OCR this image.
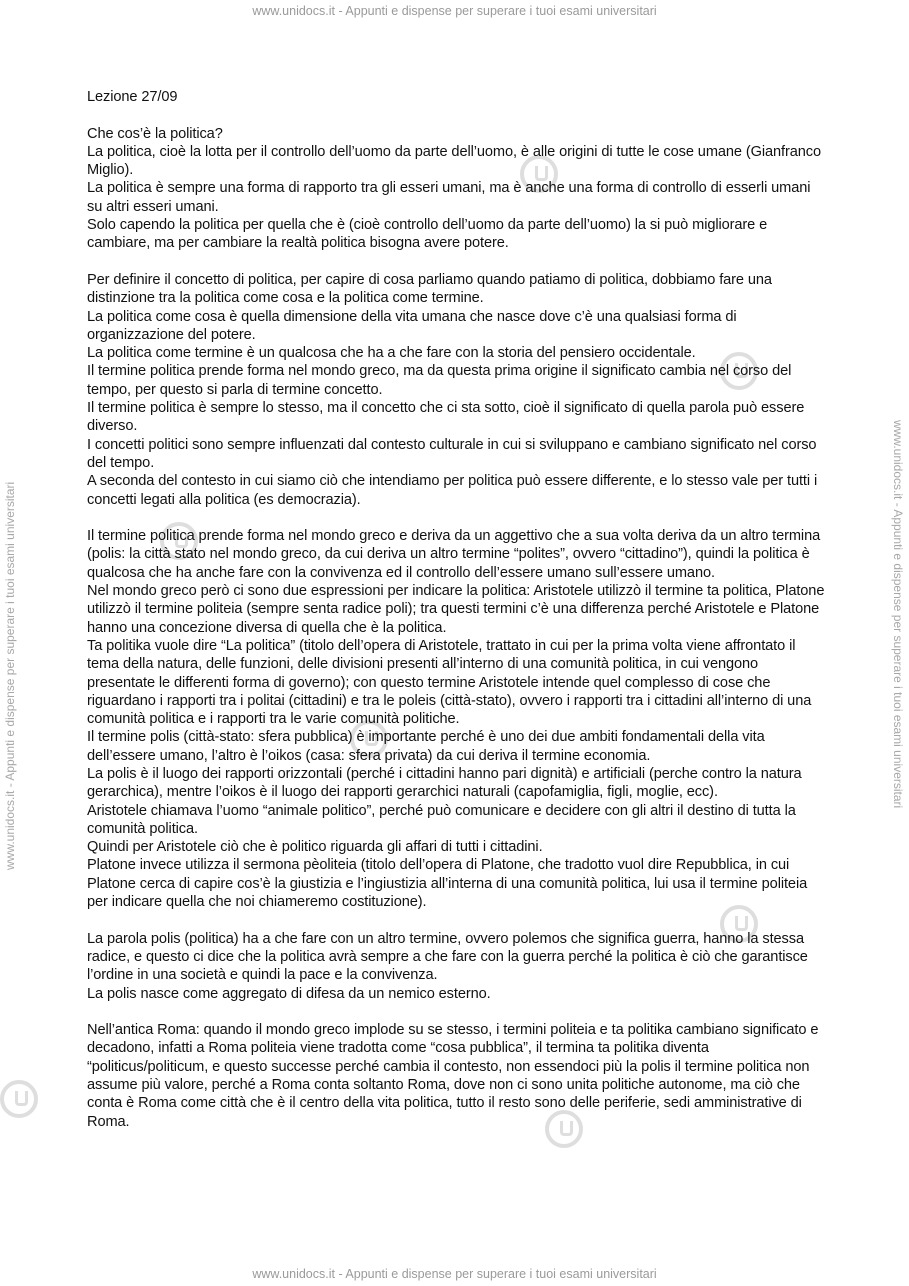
www.unidocs.it - Appunti e dispense per superare i tuoi esami universitari
www.unidocs.it - Appunti e dispense per superare i tuoi esami universitari	www.unidocs.it - Appunti e dispense per superare i tuoi esami universitari

Lezione 27/09

Che cos’è la politica?

La politica, cioè la lotta per il controllo dell’uomo da parte dell’uomo, è alle origini di tutte le cose umane (Gianfranco Miglio).

La politica è sempre una forma di rapporto tra gli esseri umani, ma è anche una forma di controllo di esserli umani su altri esseri umani.

Solo capendo la politica per quella che è (cioè controllo dell’uomo da parte dell’uomo) la si può migliorare e cambiare, ma per cambiare la realtà politica bisogna avere potere.

Per definire il concetto di politica, per capire di cosa parliamo quando patiamo di politica, dobbiamo fare una distinzione tra la politica come cosa e la politica come termine.

La politica come cosa è quella dimensione della vita umana che nasce dove c’è una qualsiasi forma di organizzazione del potere.

La politica come termine è un qualcosa che ha a che fare con la storia del pensiero occidentale.

Il termine politica prende forma nel mondo greco, ma da questa prima origine il significato cambia nel corso del tempo, per questo si parla di termine concetto.

Il termine politica è sempre lo stesso, ma il concetto che ci sta sotto, cioè il significato di quella parola può essere diverso.

I concetti politici sono sempre influenzati dal contesto culturale in cui si sviluppano e cambiano significato nel corso del tempo.

A seconda del contesto in cui siamo ciò che intendiamo per politica può essere differente, e lo stesso vale per tutti i concetti legati alla politica (es democrazia).

Il termine politica prende forma nel mondo greco e deriva da un aggettivo che a sua volta deriva da un altro termina (polis: la città stato nel mondo greco, da cui deriva un altro termine “polites”, ovvero “cittadino”), quindi la politica è qualcosa che ha anche fare con la convivenza ed il controllo dell’essere umano sull’essere umano.

Nel mondo greco però ci sono due espressioni per indicare la politica: Aristotele utilizzò il termine ta politica, Platone utilizzò il termine politeia (sempre senta radice poli); tra questi termini c’è una differenza perché Aristotele e Platone hanno una concezione diversa di quella che è la politica.

Ta politika vuole dire “La politica” (titolo dell’opera di Aristotele, trattato in cui per la prima volta viene affrontato il tema della natura, delle funzioni, delle divisioni presenti all’interno di una comunità politica, in cui vengono presentate le differenti forma di governo); con questo termine Aristotele intende quel complesso di cose che riguardano i rapporti tra i politai (cittadini) e tra le poleis (città-stato), ovvero i rapporti tra i cittadini all’interno di una comunità politica e i rapporti tra le varie comunità politiche.

Il termine polis (città-stato: sfera pubblica) è importante perché è uno dei due ambiti fondamentali della vita dell’essere umano, l’altro è l’oikos (casa: sfera privata) da cui deriva il termine economia.

La polis è il luogo dei rapporti orizzontali (perché i cittadini hanno pari dignità) e artificiali (perche contro la natura gerarchica), mentre l’oikos è il luogo dei rapporti gerarchici naturali (capofamiglia, figli, moglie, ecc).

Aristotele chiamava l’uomo “animale politico”, perché può comunicare e decidere con gli altri il destino di tutta la comunità politica.

Quindi per Aristotele ciò che è politico riguarda gli affari di tutti i cittadini.

Platone invece utilizza il sermona pèoliteia (titolo dell’opera di Platone, che tradotto vuol dire Repubblica, in cui Platone cerca di capire cos’è la giustizia e l’ingiustizia all’interna di una comunità politica, lui usa il termine politeia per indicare quella che noi chiameremo costituzione).

La parola polis (politica) ha a che fare con un altro termine, ovvero polemos che significa guerra, hanno la stessa radice, e questo ci dice che la politica avrà sempre a che fare con la guerra perché la politica è ciò che garantisce l’ordine in una società e quindi la pace e la convivenza.

La polis nasce come aggregato di difesa da un nemico esterno.

Nell’antica Roma: quando il mondo greco implode su se stesso, i termini politeia e ta politika cambiano significato e decadono, infatti a Roma politeia viene tradotta come “cosa pubblica”, il termina ta politika diventa “politicus/politicum, e questo successe perché cambia il contesto, non essendoci più la polis il termine politica non assume più valore, perché a Roma conta soltanto Roma, dove non ci sono unita politiche autonome, ma ciò che conta è Roma come città che è il centro della vita politica, tutto il resto sono delle periferie, sedi amministrative di Roma.

www.unidocs.it - Appunti e dispense per superare i tuoi esami universitari
